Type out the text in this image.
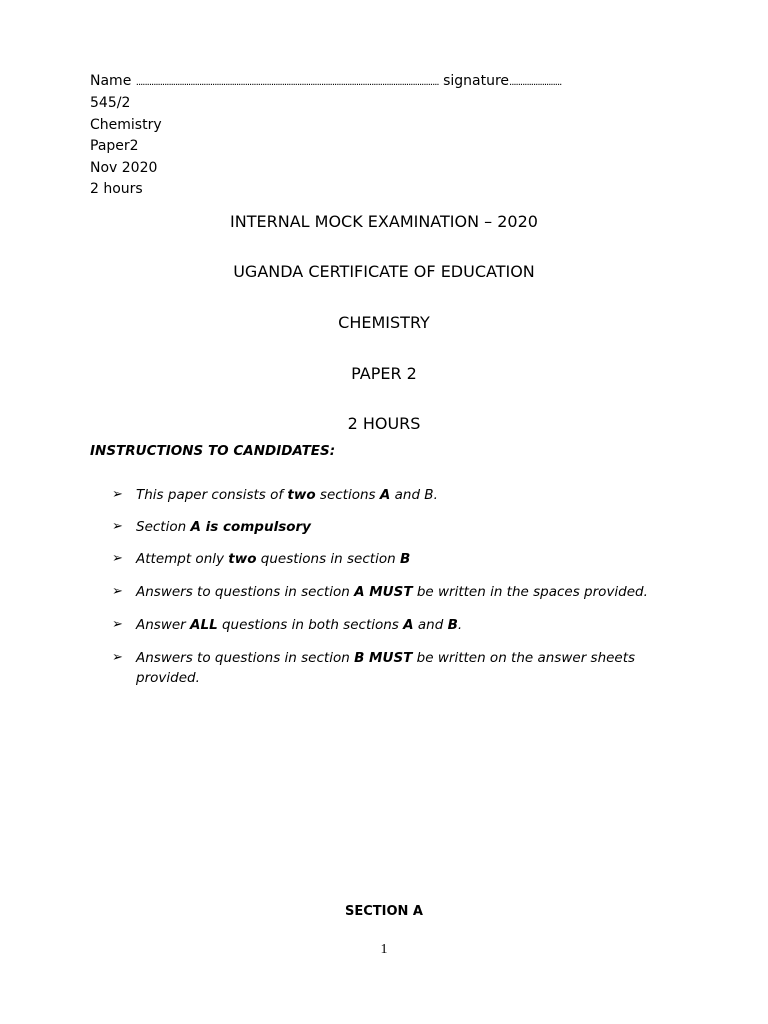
Name ........................................................................................................................................... signature........................
545/2
Chemistry
Paper2
Nov 2020
2 hours
INTERNAL MOCK EXAMINATION – 2020
UGANDA CERTIFICATE OF EDUCATION
CHEMISTRY
PAPER 2
2 HOURS
INSTRUCTIONS TO CANDIDATES:
➢ This paper consists of two sections A and B.
➢ Section A is compulsory
➢ Attempt only two questions in section B
➢ Answers to questions in section A MUST be written in the spaces provided.
➢ Answer ALL questions in both sections A and B.
➢ Answers to questions in section B MUST be written on the answer sheets provided.
SECTION A
1
